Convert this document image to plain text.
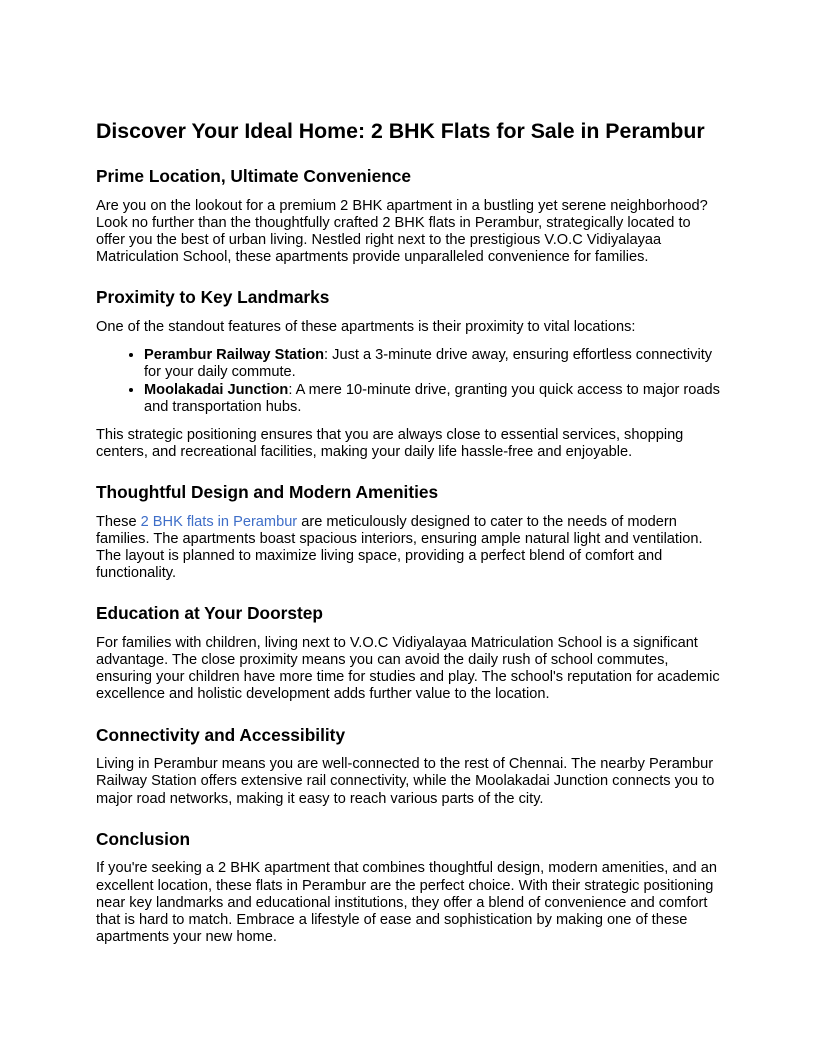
Discover Your Ideal Home: 2 BHK Flats for Sale in Perambur
Prime Location, Ultimate Convenience

Are you on the lookout for a premium 2 BHK apartment in a bustling yet serene neighborhood? Look no further than the thoughtfully crafted 2 BHK flats in Perambur, strategically located to offer you the best of urban living. Nestled right next to the prestigious V.O.C Vidiyalayaa Matriculation School, these apartments provide unparalleled convenience for families.

Proximity to Key Landmarks

One of the standout features of these apartments is their proximity to vital locations:

• Perambur Railway Station: Just a 3-minute drive away, ensuring effortless connectivity for your daily commute.
• Moolakadai Junction: A mere 10-minute drive, granting you quick access to major roads and transportation hubs.

This strategic positioning ensures that you are always close to essential services, shopping centers, and recreational facilities, making your daily life hassle-free and enjoyable.

Thoughtful Design and Modern Amenities

These 2 BHK flats in Perambur are meticulously designed to cater to the needs of modern families. The apartments boast spacious interiors, ensuring ample natural light and ventilation. The layout is planned to maximize living space, providing a perfect blend of comfort and functionality.

Education at Your Doorstep

For families with children, living next to V.O.C Vidiyalayaa Matriculation School is a significant advantage. The close proximity means you can avoid the daily rush of school commutes, ensuring your children have more time for studies and play. The school's reputation for academic excellence and holistic development adds further value to the location.

Connectivity and Accessibility

Living in Perambur means you are well-connected to the rest of Chennai. The nearby Perambur Railway Station offers extensive rail connectivity, while the Moolakadai Junction connects you to major road networks, making it easy to reach various parts of the city.

Conclusion

If you're seeking a 2 BHK apartment that combines thoughtful design, modern amenities, and an excellent location, these flats in Perambur are the perfect choice. With their strategic positioning near key landmarks and educational institutions, they offer a blend of convenience and comfort that is hard to match. Embrace a lifestyle of ease and sophistication by making one of these apartments your new home.
